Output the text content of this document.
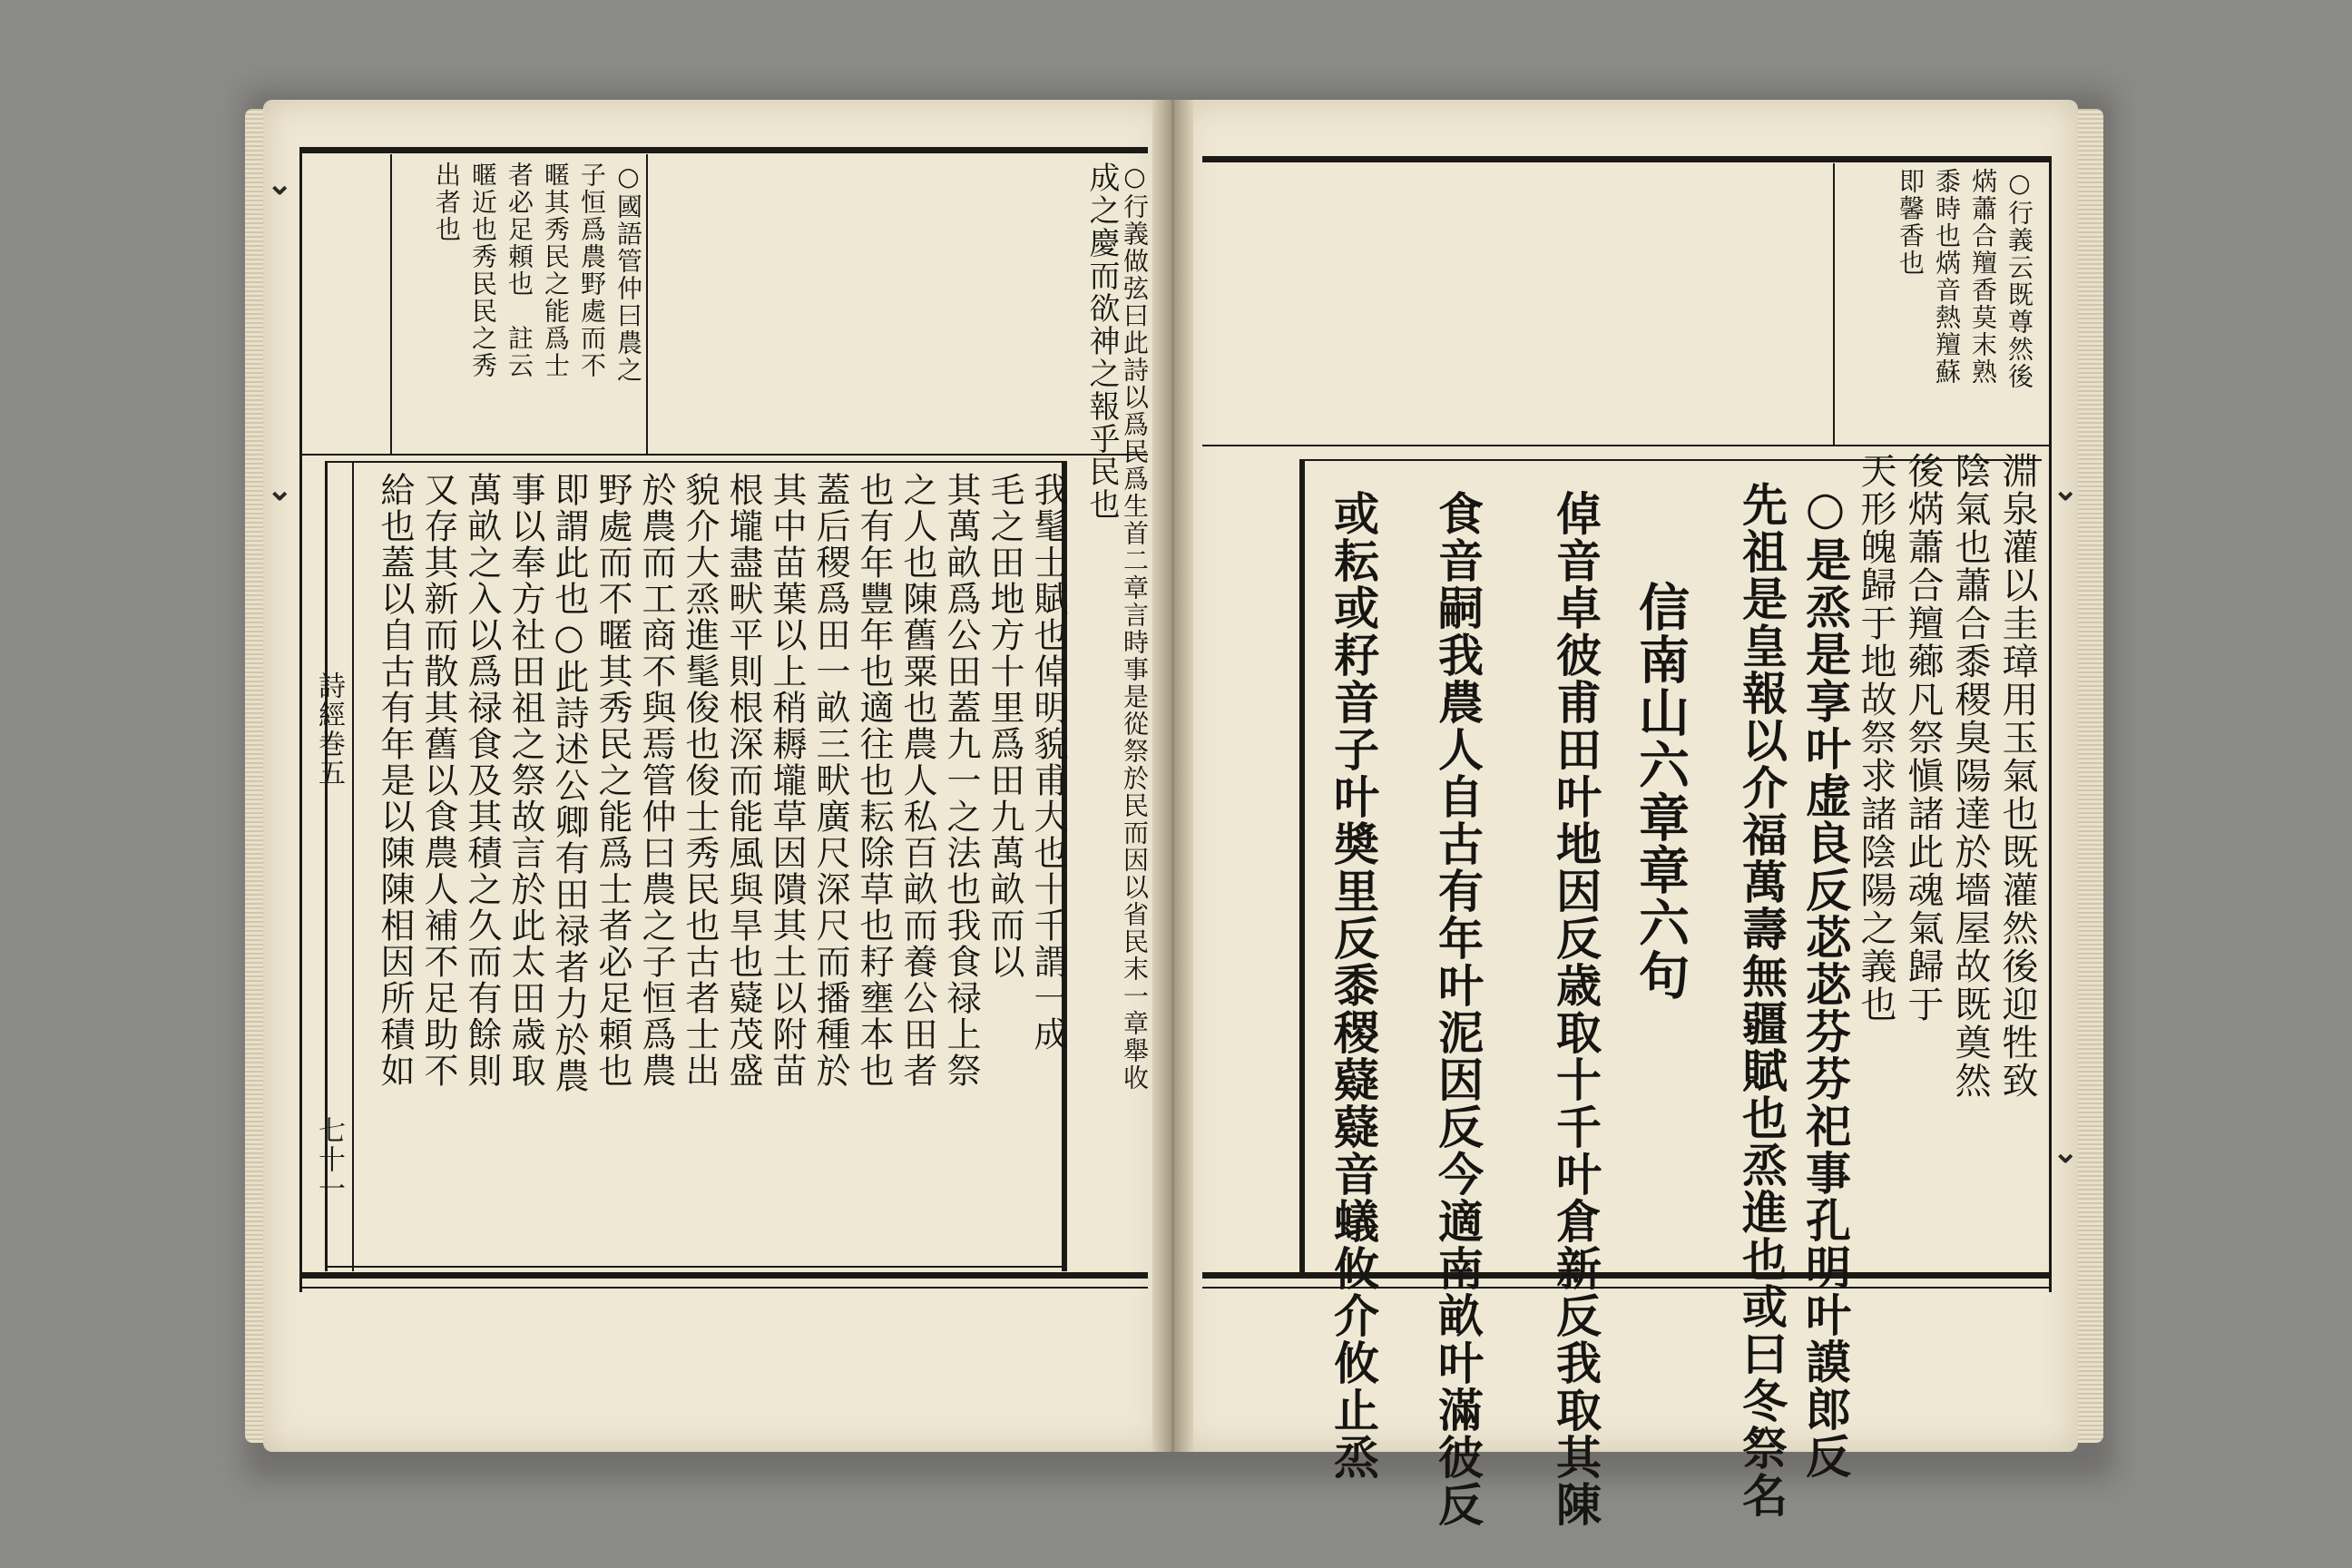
詩經巻五
七十一
⌄
⌄
○國語管仲曰農之
子恒爲農野處而不
暱其秀民之能爲士
者必足頼也　註云
暱近也秀民民之秀
出者也	○行義做弦曰此詩以爲民爲生首二章言時事是從祭於民而因以省民末一章舉收
成之慶而欲神之報乎民也
我髦士賦也倬明貌甫大也十千謂一成
毛之田地方十里爲田九萬畝而以
其萬畝爲公田蓋九一之法也我食禄上祭
之人也陳舊粟也農人私百畝而養公田者
也有年豐年也適往也耘除草也耔壅本也
蓋后稷爲田一畝三畎廣尺深尺而播種於
其中苗葉以上稍耨壠草因隤其土以附苗
根壠盡畎平則根深而能風與旱也薿茂盛
貌介大烝進髦俊也俊士秀民也古者士出
於農而工商不與焉管仲曰農之子恒爲農
野處而不暱其秀民之能爲士者必足頼也
即謂此也○此詩述公卿有田禄者力於農
事以奉方社田祖之祭故言於此太田歳取
萬畝之入以爲禄食及其積之久而有餘則
又存其新而散其舊以食農人補不足助不
給也蓋以自古有年是以陳陳相因所積如	⌄
⌄
○行義云既尊然後
焫蕭合羶香莫末熟
黍時也焫音熱羶蘇
即馨香也
淵泉灌以圭璋用玉氣也既灌然後迎牲致
陰氣也蕭合黍稷臭陽達於墻屋故既奠然
後焫蕭合羶薌凡祭愼諸此魂氣歸于
天形魄歸于地故祭求諸陰陽之義也
○是烝是享叶虚良反苾苾芬芬祀事孔明叶謨郎反
先祖是皇報以介福萬壽無疆賦也烝進也或曰冬祭名
信南山六章章六句
倬音卓彼甫田叶地因反歳取十千叶倉新反我取其陳
食音嗣我農人自古有年叶泥因反今適南畝叶滿彼反
或耘或耔音子叶奬里反黍稷薿薿音蟻攸介攸止烝
